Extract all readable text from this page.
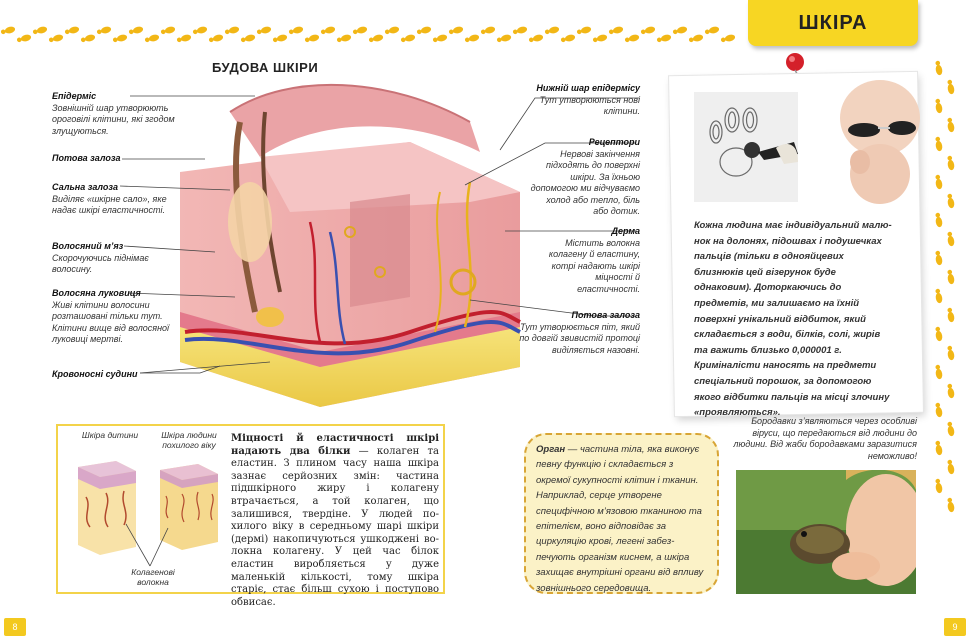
ШКІРА
БУДОВА ШКІРИ
Епідерміс
Зовнішній шар утворюють ороговілі клітини, які згодом злущуються.
Потова залоза
Сальна залоза
Виділяє «шкірне сало», яке надає шкірі еластичності.
Волосяний м’яз
Скорочуючись піднімає волосину.
Волосяна луковиця
Живі клітини волосини розташовані тільки тут. Клітини вище від волосяної луковиці мертві.
Кровоносні судини
Нижній шар епідермісу
Тут утворюються нові клітини.
Рецептори
Нервові закінчення підходять до поверхні шкіри. За їхньою допомогою ми відчуваємо холод або тепло, біль або дотик.
Дерма
Містить волокна колагену й еластину, котрі надають шкірі міцності й еластичності.
Потова залоза
Тут утворюється піт, який по довгій звивистій протоці виділяється назовні.
Шкіра дитини	Шкіра людини похилого віку
Колагенові волокна
Міцності й еластичності шкірі надають два білки — колаген та еластин. З плином часу наша шкіра зазнає серйозних змін: частина підшкірного жиру і колагену втрачається, а той колаген, що залишився, твердіне. У людей похилого віку в середньому шарі шкіри (дермі) накопичуються ушкоджені волокна колагену. У цей час білок еластин виробляється у дуже маленькій кількості, тому шкіра старіє, стає більш сухою і поступово обвисає.
Кожна людина має індивідуальний малюнок на долонях, підошвах і подушечках пальців (тільки в однояйцевих близнюків цей візерунок буде однаковим). Доторкаючись до предметів, ми залишаємо на їхній поверхні унікальний відбиток, який складається з води, білків, солі, жирів та важить близько 0,000001 г. Криміналісти наносять на предмети спеціальний порошок, за допомогою якого відбитки пальців на місці злочину «проявляються».
Бородавки з’являються через особливі віруси, що передаються від людини до людини. Від жаби бородавками заразитися неможливо!
Орган — частина тіла, яка виконує певну функцію і складається з окремої сукупності клітин і тканин. Наприклад, серце утворене специфічною м’язовою тканиною та епітелієм, воно відповідає за циркуляцію крові, легені забезпечують організм киснем, а шкіра захищає внутрішні органи від впливу зовнішнього середовища.
8	9
